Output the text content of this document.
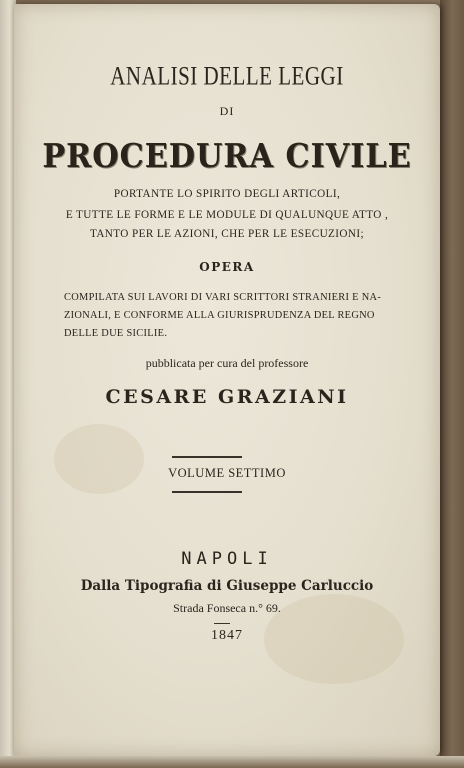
ANALISI DELLE LEGGI
DI
PROCEDURA CIVILE
PORTANTE LO SPIRITO DEGLI ARTICOLI,
E TUTTE LE FORME E LE MODULE DI QUALUNQUE ATTO ,
TANTO PER LE AZIONI, CHE PER LE ESECUZIONI;
OPERA
COMPILATA SUI LAVORI DI VARI SCRITTORI STRANIERI E NA-
ZIONALI, E CONFORME ALLA GIURISPRUDENZA DEL REGNO
DELLE DUE SICILIE.
pubblicata per cura del professore
CESARE GRAZIANI
VOLUME SETTIMO
NAPOLI
Dalla Tipografia di Giuseppe Carluccio
Strada Fonseca n.° 69.
1847
